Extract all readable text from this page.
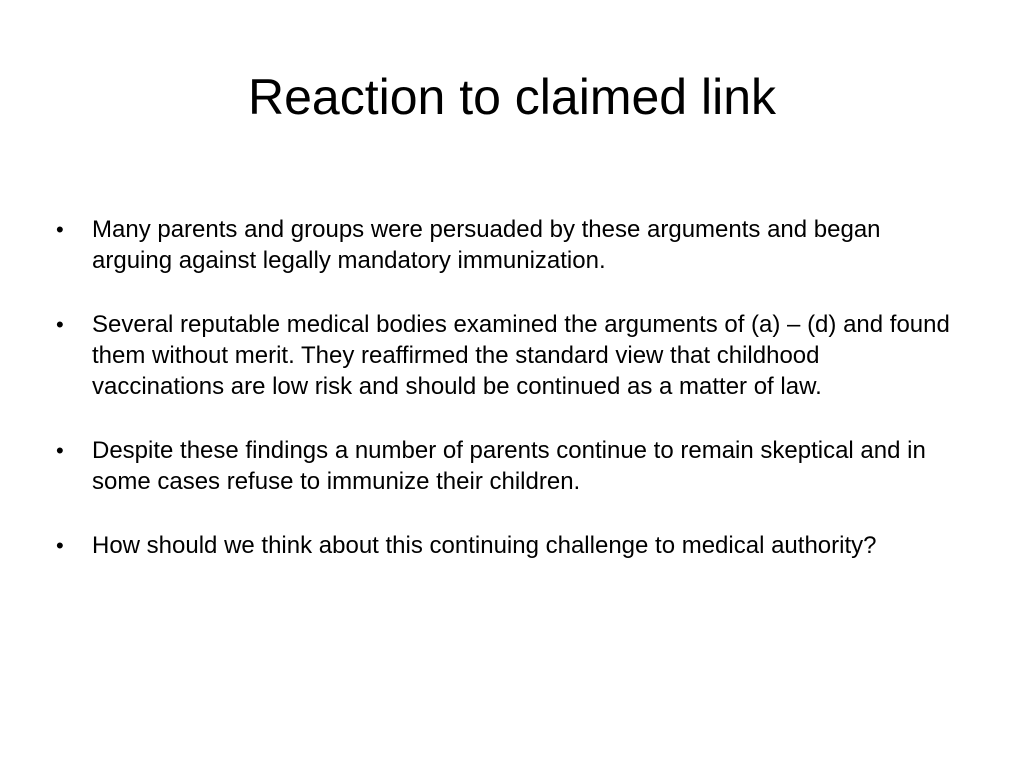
Reaction to claimed link
•	Many parents and groups were persuaded by these arguments and began arguing against legally mandatory immunization.
•	Several reputable medical bodies examined the arguments of (a) – (d) and found them without merit. They reaffirmed the standard view that childhood vaccinations are low risk and should be continued as a matter of law.
•	Despite these findings a number of parents continue to remain skeptical and in some cases refuse to immunize their children.
•	How should we think about this continuing challenge to medical authority?
